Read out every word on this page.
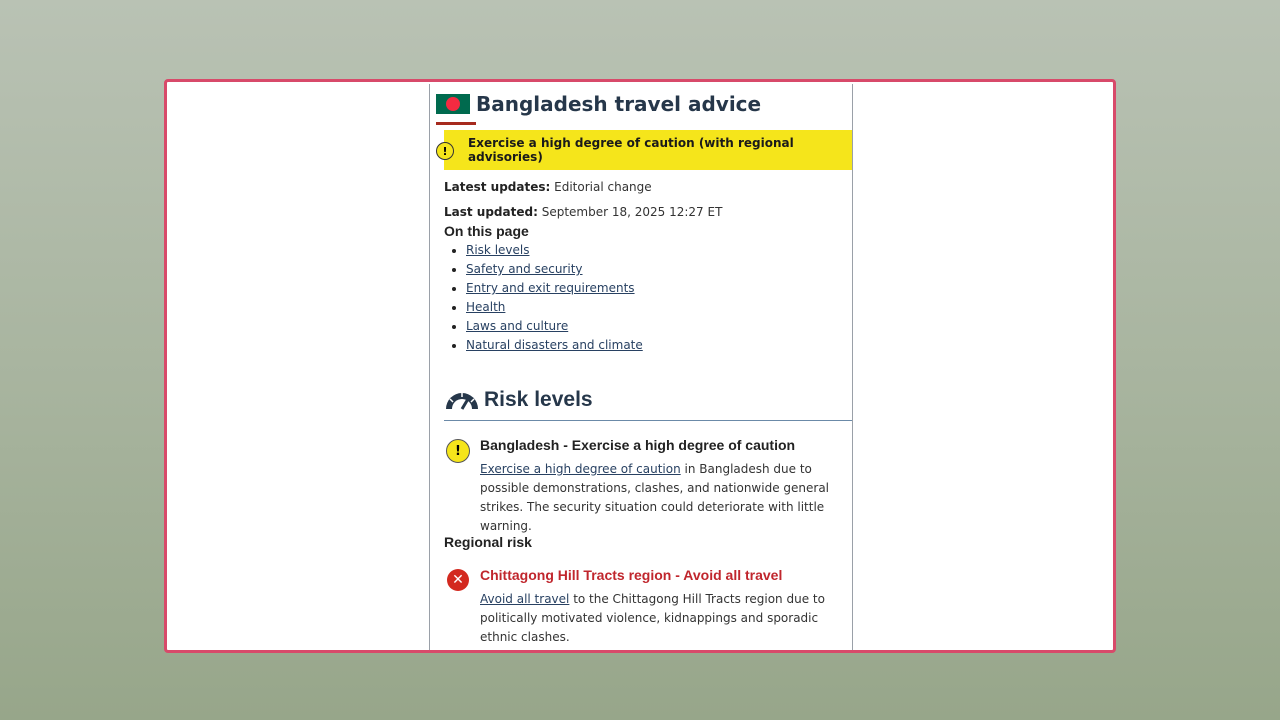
Bangladesh travel advice
!
Exercise a high degree of caution (with regional advisories)
Latest updates: Editorial change
Last updated: September 18, 2025 12:27 ET
On this page
• Risk levels
• Safety and security
• Entry and exit requirements
• Health
• Laws and culture
• Natural disasters and climate
Risk levels
! Bangladesh - Exercise a high degree of caution
Exercise a high degree of caution in Bangladesh due to possible demonstrations, clashes, and nationwide general strikes. The security situation could deteriorate with little warning.
Regional risk
✕ Chittagong Hill Tracts region - Avoid all travel
Avoid all travel to the Chittagong Hill Tracts region due to politically motivated violence, kidnappings and sporadic ethnic clashes.
